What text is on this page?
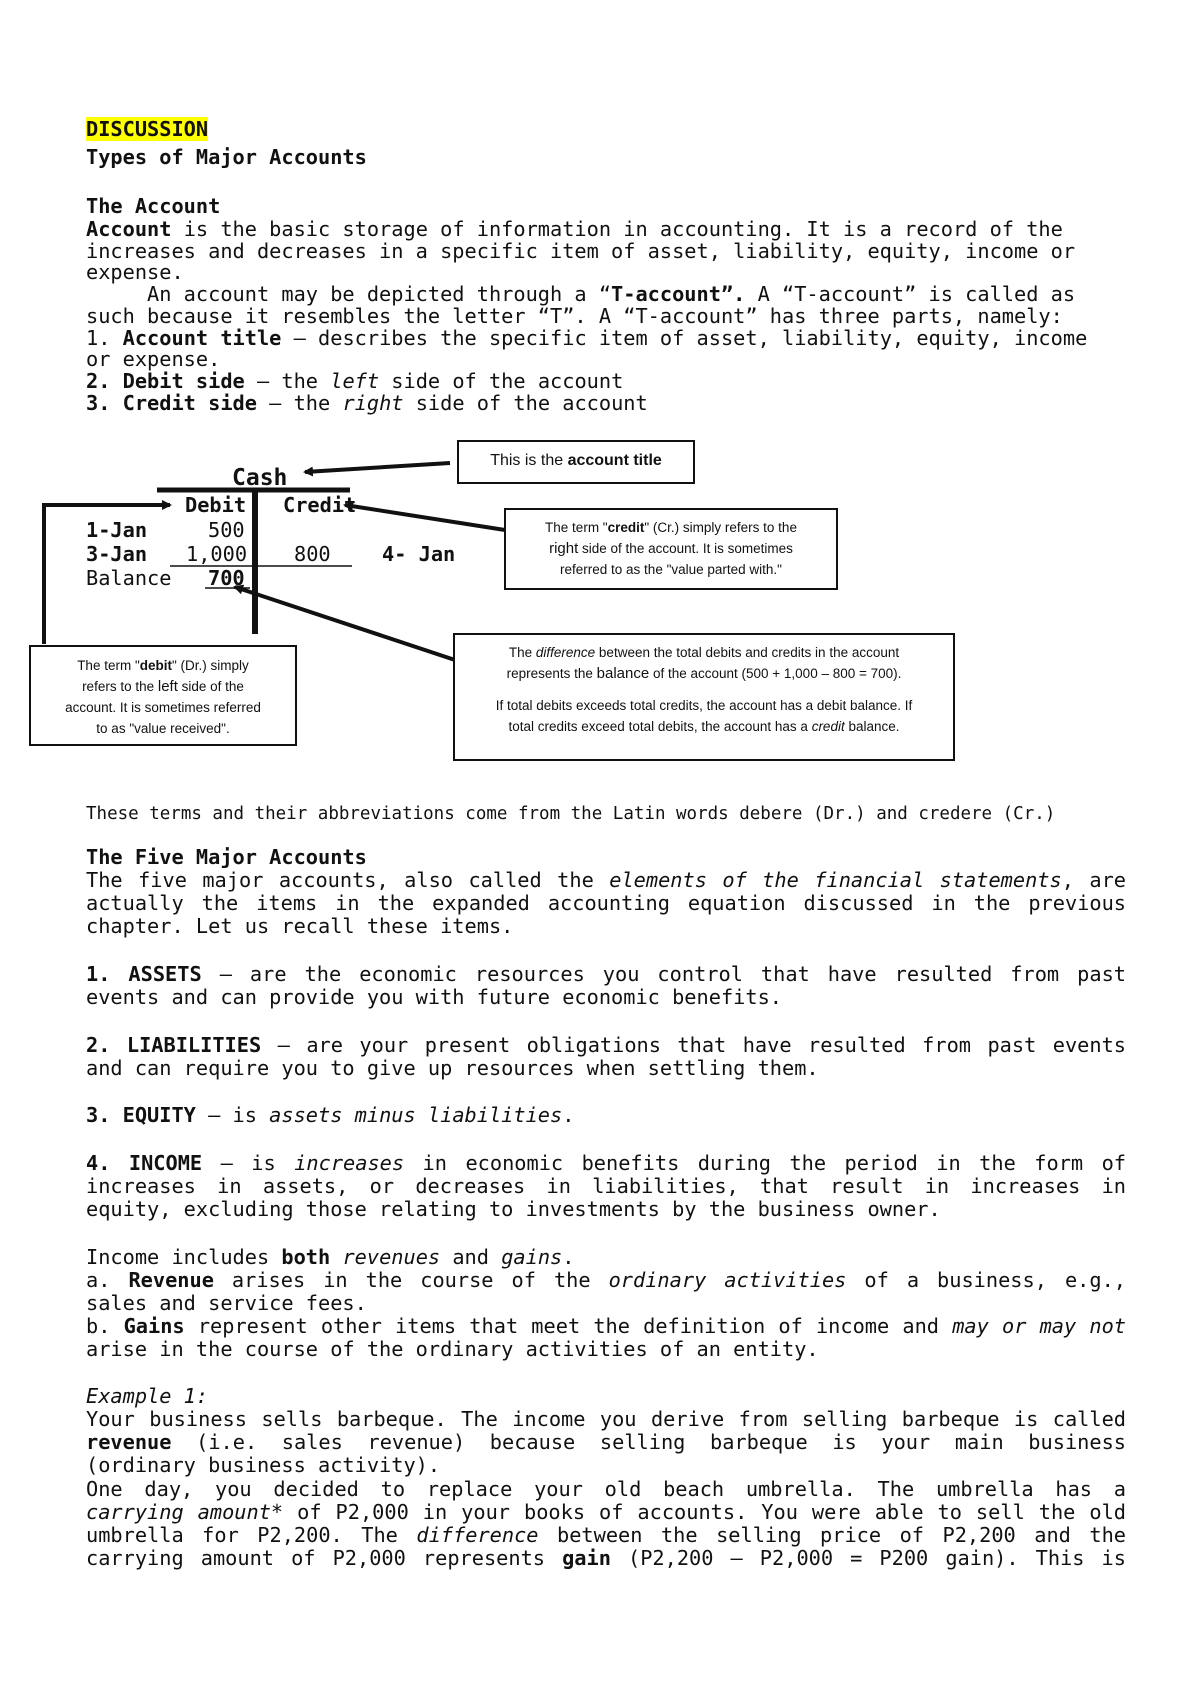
DISCUSSION
Types of Major Accounts
The Account
Account is the basic storage of information in accounting. It is a record of the
increases and decreases in a specific item of asset, liability, equity, income or
expense.
An account may be depicted through a “T-account”. A “T-account” is called as
such because it resembles the letter “T”. A “T-account” has three parts, namely:
1. Account title – describes the specific item of asset, liability, equity, income
or expense.
2. Debit side – the left side of the account
3. Credit side – the right side of the account
Cash
Debit Credit
1-Jan	500
3-Jan 1,000 800	4- Jan
Balance 700
This is the account title
The term "credit" (Cr.) simply refers to the
right side of the account. It is sometimes
referred to as the "value parted with."
The term "debit" (Dr.) simply
refers to the left side of the
account. It is sometimes referred
to as "value received".
The difference between the total debits and credits in the account
represents the balance of the account (500 + 1,000 – 800 = 700).
If total debits exceeds total credits, the account has a debit balance. If
total credits exceed total debits, the account has a credit balance.
These terms and their abbreviations come from the Latin words debere (Dr.) and credere (Cr.)
The Five Major Accounts
The five major accounts, also called the elements of the financial statements, are
actually the items in the expanded accounting equation discussed in the previous
chapter. Let us recall these items.
1. ASSETS – are the economic resources you control that have resulted from past
events and can provide you with future economic benefits.
2. LIABILITIES – are your present obligations that have resulted from past events
and can require you to give up resources when settling them.
3. EQUITY – is assets minus liabilities.
4. INCOME – is increases in economic benefits during the period in the form of
increases in assets, or decreases in liabilities, that result in increases in
equity, excluding those relating to investments by the business owner.
Income includes both revenues and gains.
a. Revenue arises in the course of the ordinary activities of a business, e.g.,
sales and service fees.
b. Gains represent other items that meet the definition of income and may or may not
arise in the course of the ordinary activities of an entity.
Example 1:
Your business sells barbeque. The income you derive from selling barbeque is called
revenue (i.e. sales revenue) because selling barbeque is your main business
(ordinary business activity).
One day, you decided to replace your old beach umbrella. The umbrella has a
carrying amount* of P2,000 in your books of accounts. You were able to sell the old
umbrella for P2,200. The difference between the selling price of P2,200 and the
carrying amount of P2,000 represents gain (P2,200 – P2,000 = P200 gain). This is
